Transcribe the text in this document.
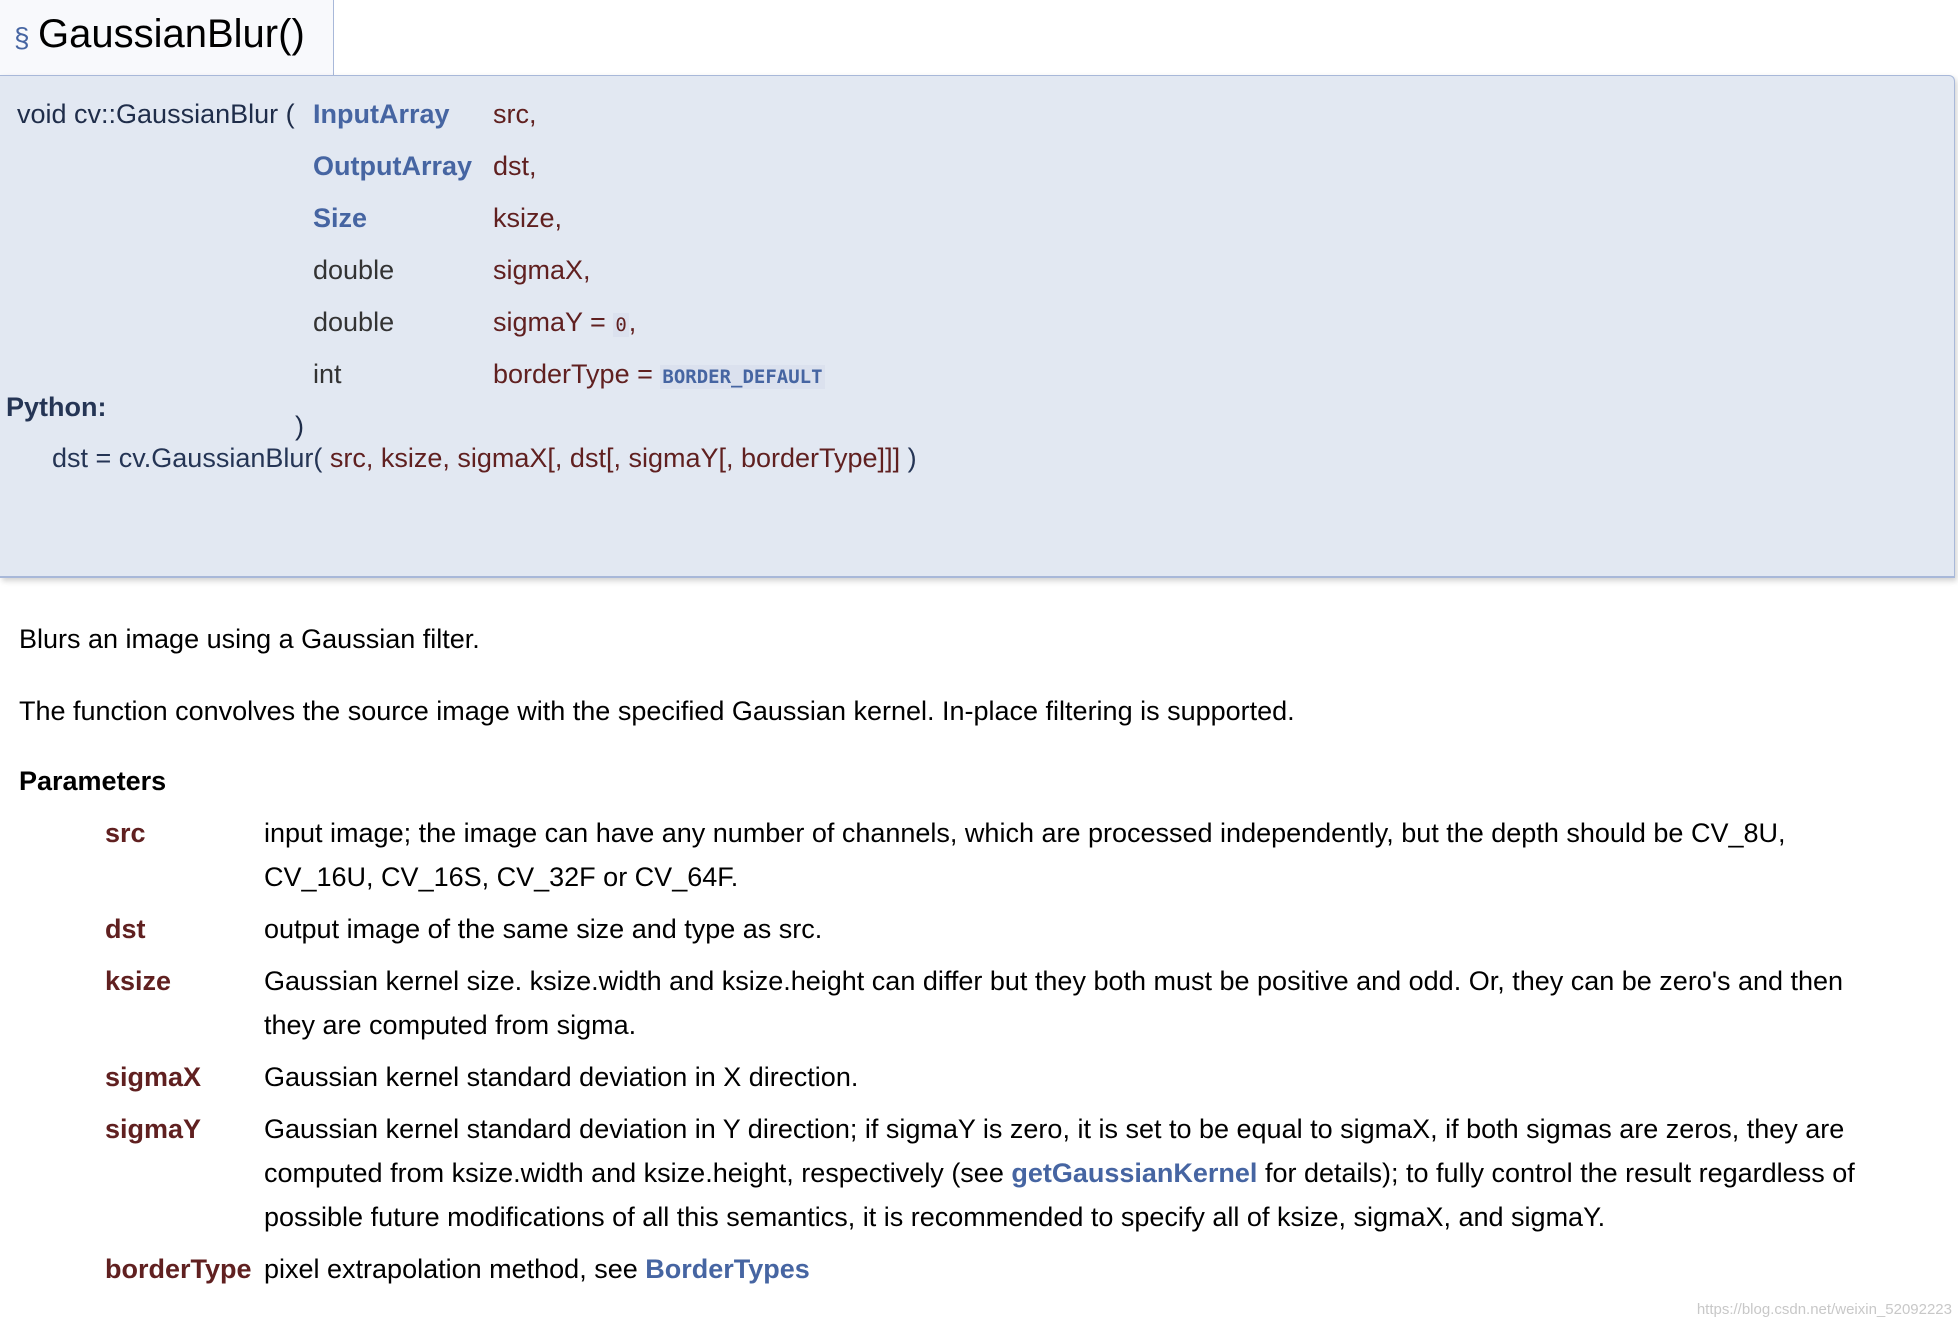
§ GaussianBlur()
void cv::GaussianBlur ( InputArray src,
OutputArray dst,
Size	ksize,
double	sigmaX,
double	sigmaY = 0,
int	borderType = BORDER_DEFAULT
)
Python:
dst = cv.GaussianBlur( src, ksize, sigmaX[, dst[, sigmaY[, borderType]]] )
Blurs an image using a Gaussian filter.
The function convolves the source image with the specified Gaussian kernel. In-place filtering is supported.
Parameters
src	input image; the image can have any number of channels, which are processed independently, but the depth should be CV_8U,
CV_16U, CV_16S, CV_32F or CV_64F.
dst	output image of the same size and type as src.
ksize	Gaussian kernel size. ksize.width and ksize.height can differ but they both must be positive and odd. Or, they can be zero's and then
they are computed from sigma.
sigmaX Gaussian kernel standard deviation in X direction.
sigmaY Gaussian kernel standard deviation in Y direction; if sigmaY is zero, it is set to be equal to sigmaX, if both sigmas are zeros, they are
computed from ksize.width and ksize.height, respectively (see getGaussianKernel for details); to fully control the result regardless of
possible future modifications of all this semantics, it is recommended to specify all of ksize, sigmaX, and sigmaY.
borderType pixel extrapolation method, see BorderTypes
https://blog.csdn.net/weixin_52092223
